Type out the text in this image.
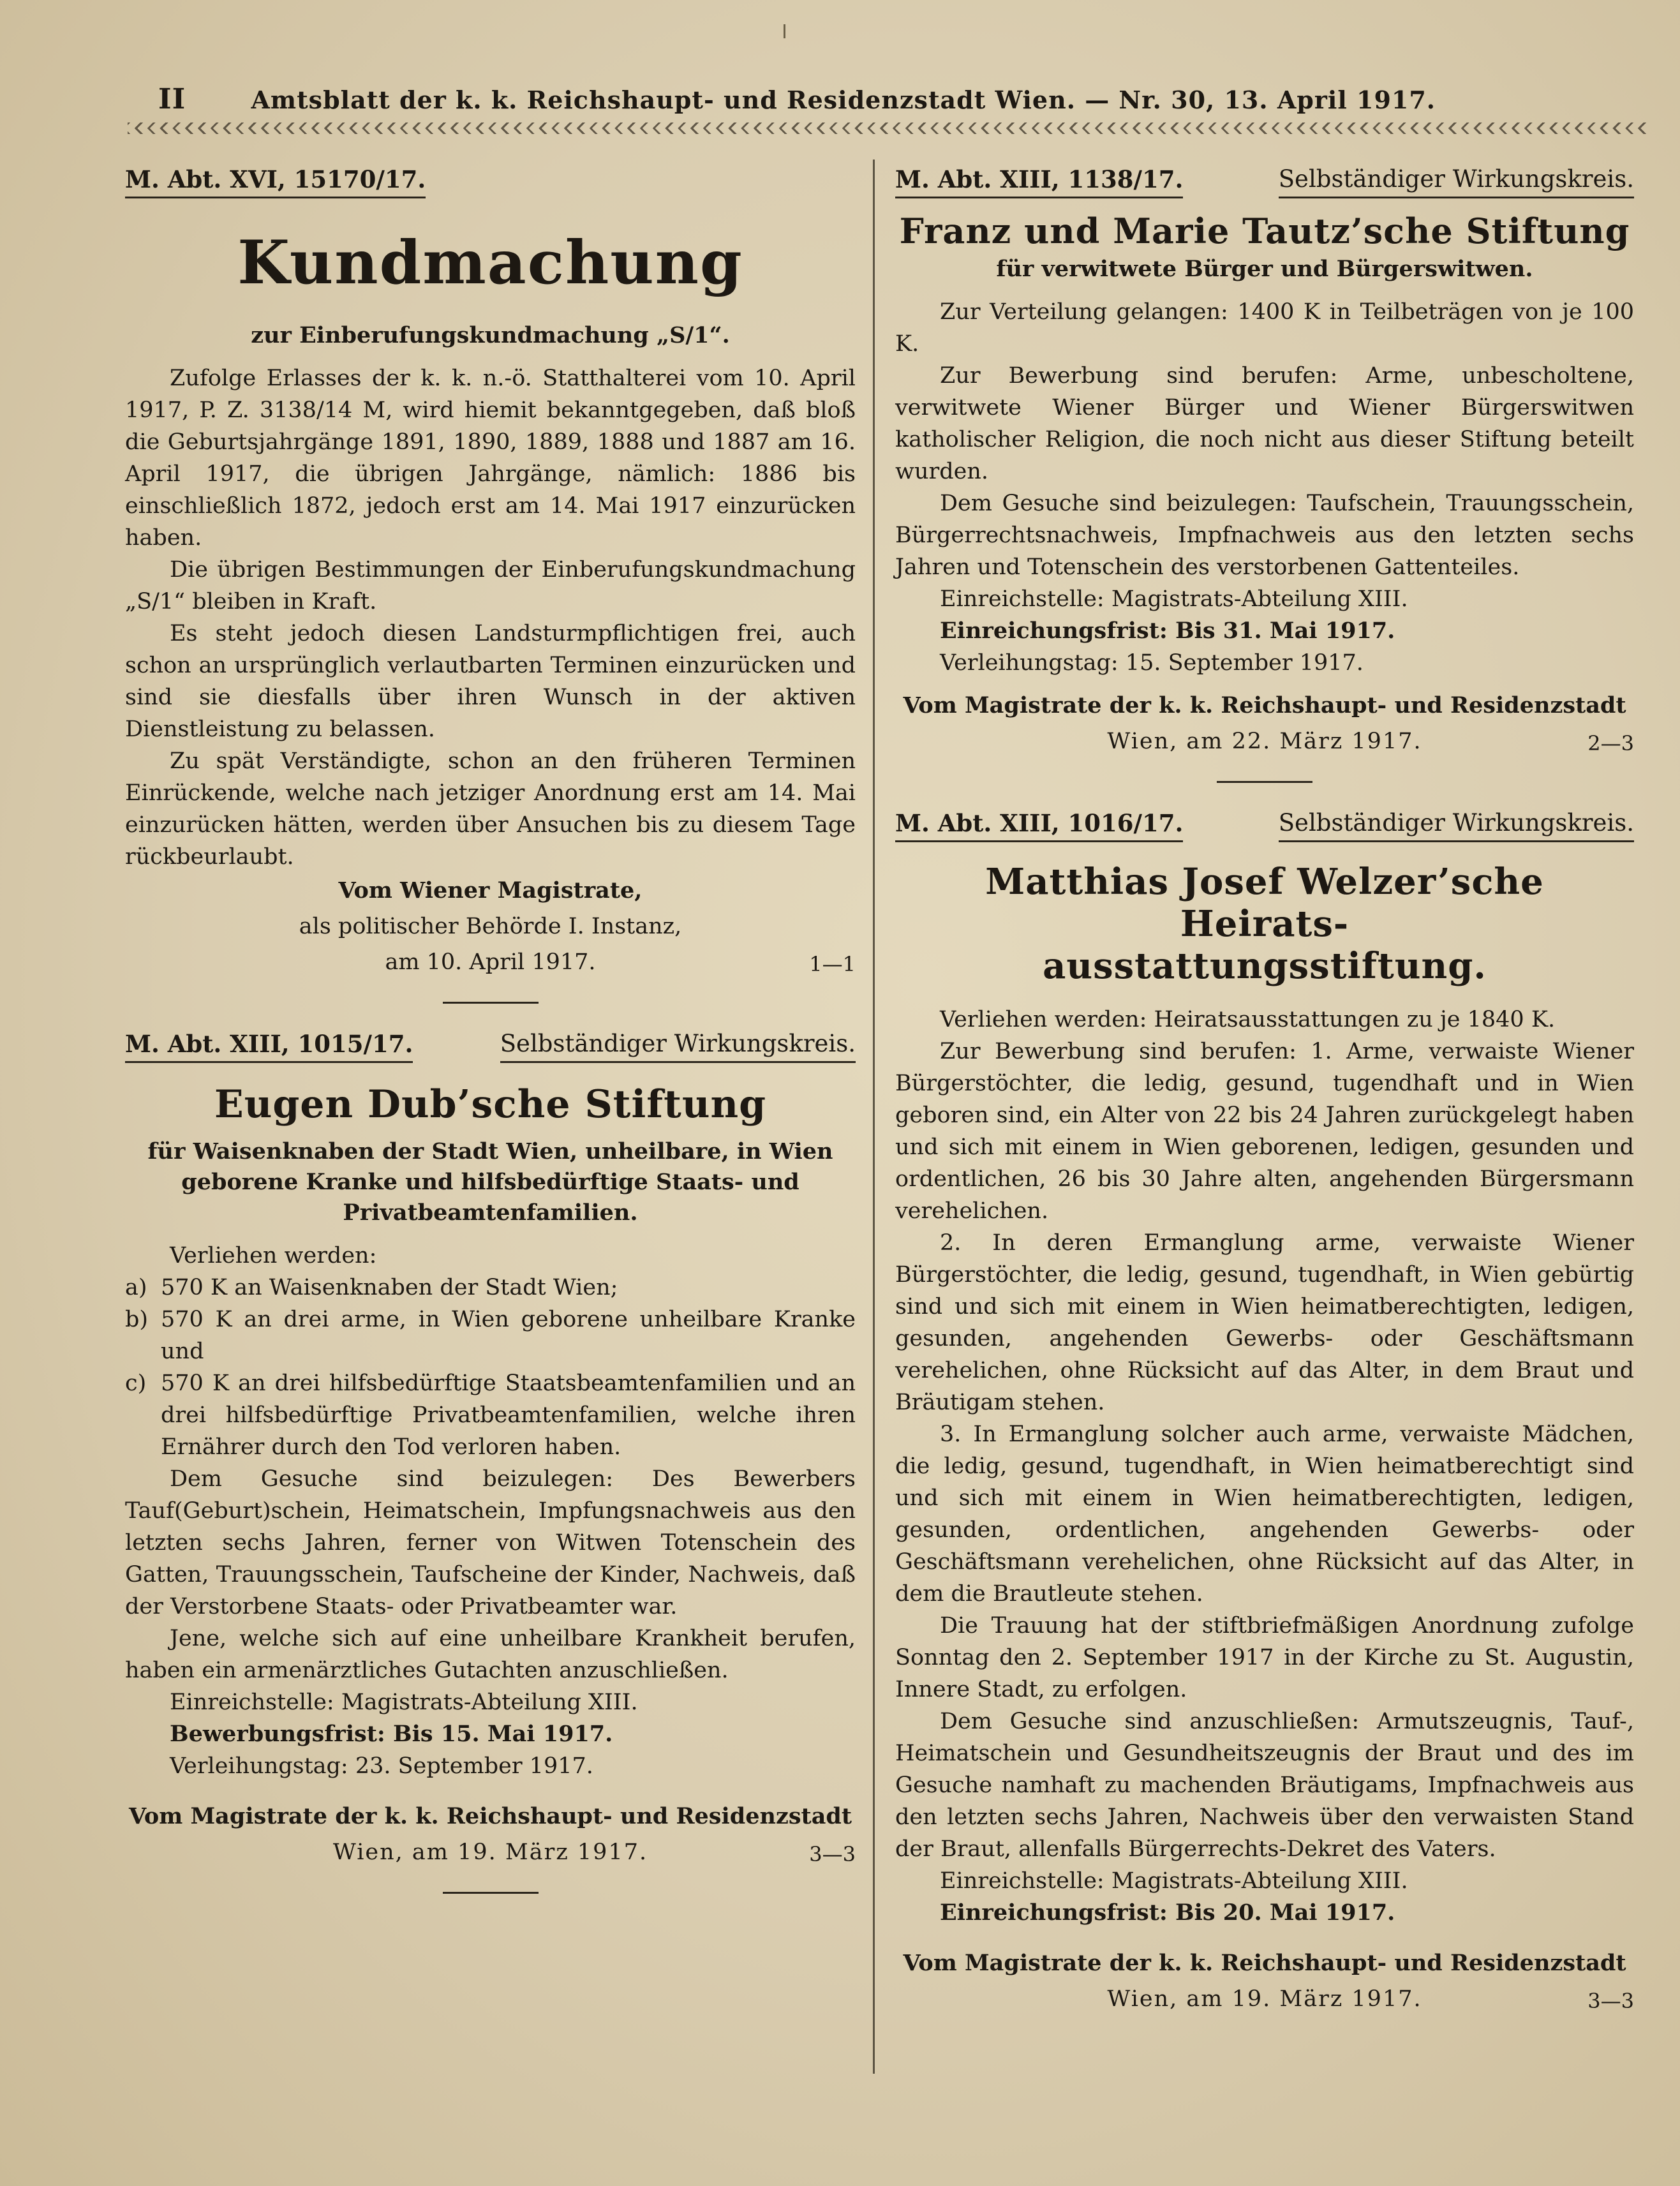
II	Amtsblatt der k. k. Reichshaupt- und Residenzstadt Wien. — Nr. 30, 13. April 1917.
M. Abt. XVI, 15170/17.
Kundmachung
zur Einberufungskundmachung „S/1“.

Zufolge Erlasses der k. k. n.-ö. Statthalterei vom 10. April 1917, P. Z. 3138/14 M, wird hiemit bekanntgegeben, daß bloß die Geburtsjahrgänge 1891, 1890, 1889, 1888 und 1887 am 16. April 1917, die übrigen Jahrgänge, nämlich: 1886 bis einschließlich 1872, jedoch erst am 14. Mai 1917 einzurücken haben.

Die übrigen Bestimmungen der Einberufungskundmachung „S/1“ bleiben in Kraft.

Es steht jedoch diesen Landsturmpflichtigen frei, auch schon an ursprünglich verlautbarten Terminen einzurücken und sind sie diesfalls über ihren Wunsch in der aktiven Dienstleistung zu belassen.

Zu spät Verständigte, schon an den früheren Terminen Einrückende, welche nach jetziger Anordnung erst am 14. Mai einzurücken hätten, werden über Ansuchen bis zu diesem Tage rückbeurlaubt.

Vom Wiener Magistrate,
als politischer Behörde I. Instanz,
am 10. April 1917.	1—1
M. Abt. XIII, 1015/17.	Selbständiger Wirkungskreis.
Eugen Dub’sche Stiftung
für Waisenknaben der Stadt Wien, unheilbare, in Wien geborene Kranke und hilfsbedürftige Staats- und Privatbeamtenfamilien.

Verliehen werden:

a) 570 K an Waisenknaben der Stadt Wien;
b) 570 K an drei arme, in Wien geborene unheilbare Kranke und
c) 570 K an drei hilfsbedürftige Staatsbeamtenfamilien und an drei hilfsbedürftige Privatbeamtenfamilien, welche ihren Ernährer durch den Tod verloren haben.

Dem Gesuche sind beizulegen: Des Bewerbers Tauf(Geburt)schein, Heimatschein, Impfungsnachweis aus den letzten sechs Jahren, ferner von Witwen Totenschein des Gatten, Trauungsschein, Taufscheine der Kinder, Nachweis, daß der Verstorbene Staats- oder Privatbeamter war.

Jene, welche sich auf eine unheilbare Krankheit berufen, haben ein armenärztliches Gutachten anzuschließen.

Einreichstelle: Magistrats-Abteilung XIII.

Bewerbungsfrist: Bis 15. Mai 1917.

Verleihungstag: 23. September 1917.

Vom Magistrate der k. k. Reichshaupt- und Residenzstadt
Wien, am 19. März 1917.	3—3
M. Abt. XIII, 1138/17.	Selbständiger Wirkungskreis.
Franz und Marie Tautz’sche Stiftung
für verwitwete Bürger und Bürgerswitwen.

Zur Verteilung gelangen: 1400 K in Teilbeträgen von je 100 K.

Zur Bewerbung sind berufen: Arme, unbescholtene, verwitwete Wiener Bürger und Wiener Bürgerswitwen katholischer Religion, die noch nicht aus dieser Stiftung beteilt wurden.

Dem Gesuche sind beizulegen: Taufschein, Trauungsschein, Bürgerrechtsnachweis, Impfnachweis aus den letzten sechs Jahren und Totenschein des verstorbenen Gattenteiles.

Einreichstelle: Magistrats-Abteilung XIII.

Einreichungsfrist: Bis 31. Mai 1917.

Verleihungstag: 15. September 1917.

Vom Magistrate der k. k. Reichshaupt- und Residenzstadt
Wien, am 22. März 1917.	2—3
M. Abt. XIII, 1016/17.	Selbständiger Wirkungskreis.
Matthias Josef Welzer’sche Heirats-
ausstattungsstiftung.

Verliehen werden: Heiratsausstattungen zu je 1840 K.

Zur Bewerbung sind berufen: 1. Arme, verwaiste Wiener Bürgerstöchter, die ledig, gesund, tugendhaft und in Wien geboren sind, ein Alter von 22 bis 24 Jahren zurückgelegt haben und sich mit einem in Wien geborenen, ledigen, gesunden und ordentlichen, 26 bis 30 Jahre alten, angehenden Bürgersmann verehelichen.

2. In deren Ermanglung arme, verwaiste Wiener Bürgerstöchter, die ledig, gesund, tugendhaft, in Wien gebürtig sind und sich mit einem in Wien heimatberechtigten, ledigen, gesunden, angehenden Gewerbs- oder Geschäftsmann verehelichen, ohne Rücksicht auf das Alter, in dem Braut und Bräutigam stehen.

3. In Ermanglung solcher auch arme, verwaiste Mädchen, die ledig, gesund, tugendhaft, in Wien heimatberechtigt sind und sich mit einem in Wien heimatberechtigten, ledigen, gesunden, ordentlichen, angehenden Gewerbs- oder Geschäftsmann verehelichen, ohne Rücksicht auf das Alter, in dem die Brautleute stehen.

Die Trauung hat der stiftbriefmäßigen Anordnung zufolge Sonntag den 2. September 1917 in der Kirche zu St. Augustin, Innere Stadt, zu erfolgen.

Dem Gesuche sind anzuschließen: Armutszeugnis, Tauf-, Heimatschein und Gesundheitszeugnis der Braut und des im Gesuche namhaft zu machenden Bräutigams, Impfnachweis aus den letzten sechs Jahren, Nachweis über den verwaisten Stand der Braut, allenfalls Bürgerrechts-Dekret des Vaters.

Einreichstelle: Magistrats-Abteilung XIII.

Einreichungsfrist: Bis 20. Mai 1917.

Vom Magistrate der k. k. Reichshaupt- und Residenzstadt
Wien, am 19. März 1917.	3—3
